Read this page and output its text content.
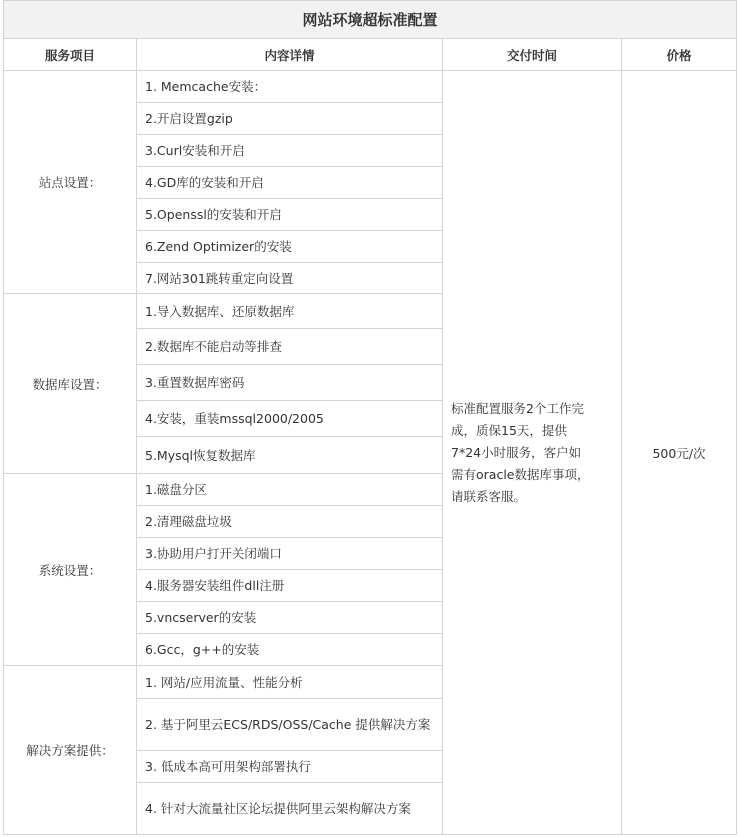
网站环境超标准配置			
服务项目	内容详情	交付时间	价格
站点设置：	1. Memcache安装：	标准配置服务2个工作完成，质保15天，提供7*24小时服务，客户如需有oracle数据库事项，请联系客服。	500元/次
	2.开启设置gzip		
	3.Curl安装和开启		
	4.GD库的安装和开启		
	5.Openssl的安装和开启		
	6.Zend Optimizer的安装		
	7.网站301跳转重定向设置		
数据库设置：	1.导入数据库、还原数据库		
	2.数据库不能启动等排查		
	3.重置数据库密码		
	4.安装，重装mssql2000/2005		
	5.Mysql恢复数据库		
系统设置：	1.磁盘分区		
	2.清理磁盘垃圾		
	3.协助用户打开关闭端口		
	4.服务器安装组件dll注册		
	5.vncserver的安装		
	6.Gcc，g++的安装		
解决方案提供：	1. 网站/应用流量、性能分析		
	2. 基于阿里云ECS/RDS/OSS/Cache 提供解决方案		
	3. 低成本高可用架构部署执行		
	4. 针对大流量社区论坛提供阿里云架构解决方案		
